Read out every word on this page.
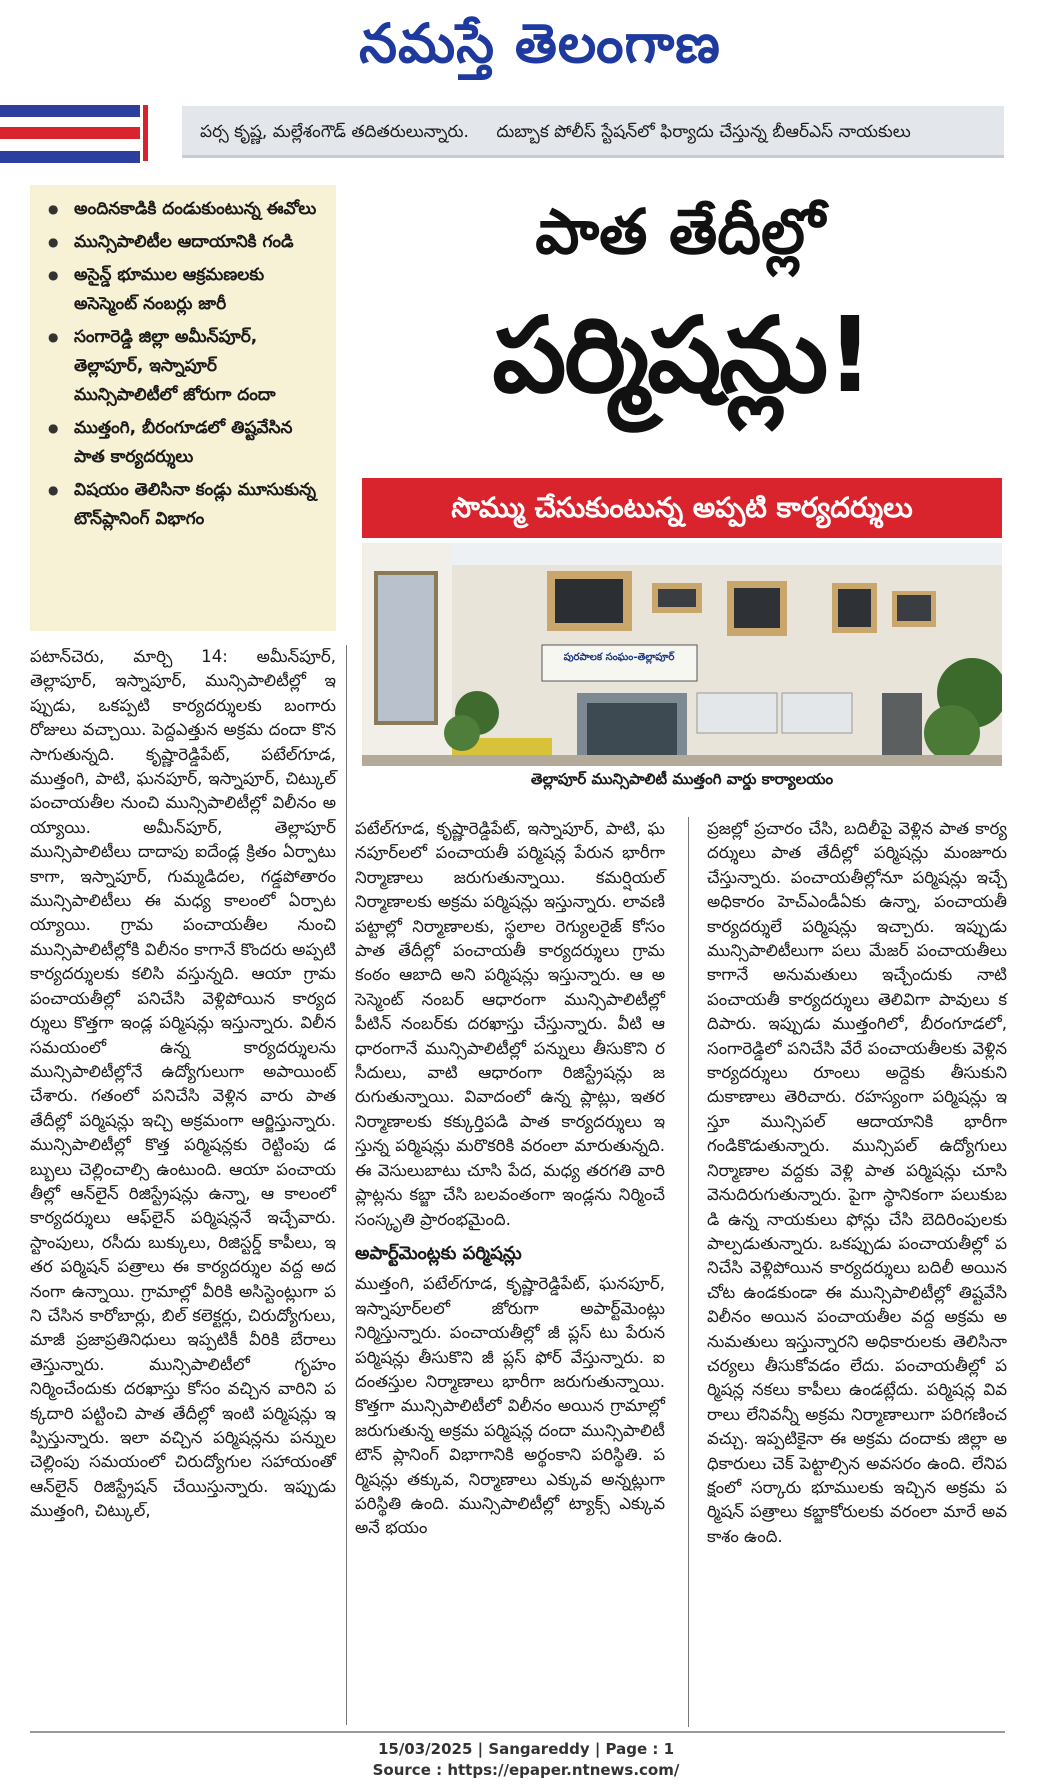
నమస్తే తెలంగాణ
పర్స కృష్ణ, మల్లేశంగౌడ్ తదితరులున్నారు. దుబ్బాక పోలీస్ స్టేషన్‌లో ఫిర్యాదు చేస్తున్న బీఆర్‌ఎస్ నాయకులు
● అందినకాడికి దండుకుంటున్న ఈవోలు
● మున్సిపాలిటీల ఆదాయానికి గండి
● అసైన్డ్ భూముల ఆక్రమణలకు అసెస్మెంట్ నంబర్లు జారీ
● సంగారెడ్డి జిల్లా అమీన్‌పూర్, తెల్లాపూర్, ఇస్నాపూర్ మున్సిపాలిటీలో జోరుగా దందా
● ముత్తంగి, బీరంగూడలో తిష్టవేసిన పాత కార్యదర్శులు
● విషయం తెలిసినా కండ్లు మూసుకున్న టౌన్‌ప్లానింగ్ విభాగం
పాత తేదీల్లో
పర్మిషన్లు!
సొమ్ము చేసుకుంటున్న అప్పటి కార్యదర్శులు
పురపాలక సంఘం-తెల్లాపూర్
తెల్లాపూర్ మున్సిపాలిటీ ముత్తంగి వార్డు కార్యాలయం

పటాన్‌చెరు, మార్చి 14: అమీన్‌పూర్, తెల్లాపూర్, ఇస్నాపూర్, మున్సిపాలిటీల్లో ఇప్పుడు, ఒకప్పటి కార్యదర్శులకు బంగారు రోజులు వచ్చాయి. పెద్దఎత్తున అక్రమ దందా కొనసాగుతున్నది. కృష్ణారెడ్డిపేట్, పటేల్‌గూడ, ముత్తంగి, పాటి, ఘనపూర్, ఇస్నాపూర్, చిట్కుల్ పంచాయతీల నుంచి మున్సిపాలిటీల్లో విలీనం అయ్యాయి. అమీన్‌పూర్, తెల్లాపూర్ మున్సిపాలిటీలు దాదాపు ఐదేండ్ల క్రితం ఏర్పాటు కాగా, ఇస్నాపూర్, గుమ్మడిదల, గడ్డపోతారం మున్సిపాలిటీలు ఈ మధ్య కాలంలో ఏర్పాటయ్యాయి. గ్రామ పంచాయతీల నుంచి మున్సిపాలిటీల్లోకి విలీనం కాగానే కొందరు అప్పటి కార్యదర్శులకు కలిసి వస్తున్నది. ఆయా గ్రామ పంచాయతీల్లో పనిచేసి వెళ్లిపోయిన కార్యదర్శులు కొత్తగా ఇండ్ల పర్మిషన్లు ఇస్తున్నారు. విలీన సమయంలో ఉన్న కార్యదర్శులను మున్సిపాలిటీల్లోనే ఉద్యోగులుగా అపాయింట్ చేశారు. గతంలో పనిచేసి వెళ్లిన వారు పాత తేదీల్లో పర్మిషన్లు ఇచ్చి అక్రమంగా ఆర్జిస్తున్నారు. మున్సిపాలిటీల్లో కొత్త పర్మిషన్లకు రెట్టింపు డబ్బులు చెల్లించాల్సి ఉంటుంది. ఆయా పంచాయతీల్లో ఆన్‌లైన్ రిజిస్ట్రేషన్లు ఉన్నా, ఆ కాలంలో కార్యదర్శులు ఆఫ్‌లైన్ పర్మిషన్లనే ఇచ్చేవారు. స్టాంపులు, రసీదు బుక్కులు, రిజిస్టర్డ్ కాపీలు, ఇతర పర్మిషన్ పత్రాలు ఈ కార్యదర్శుల వద్ద అదనంగా ఉన్నాయి. గ్రామాల్లో వీరికి అసిస్టెంట్లుగా పని చేసిన కారోబార్లు, బిల్ కలెక్టర్లు, చిరుద్యోగులు, మాజీ ప్రజాప్రతినిధులు ఇప్పటికీ వీరికి బేరాలు తెస్తున్నారు. మున్సిపాలిటీలో గృహం నిర్మించేందుకు దరఖాస్తు కోసం వచ్చిన వారిని పక్కదారి పట్టించి పాత తేదీల్లో ఇంటి పర్మిషన్లు ఇప్పిస్తున్నారు. ఇలా వచ్చిన పర్మిషన్లను పన్నుల చెల్లింపు సమయంలో చిరుద్యోగుల సహాయంతో ఆన్‌లైన్ రిజిస్ట్రేషన్ చేయిస్తున్నారు. ఇప్పుడు ముత్తంగి, చిట్కుల్,

పటేల్‌గూడ, కృష్ణారెడ్డిపేట్, ఇస్నాపూర్, పాటి, ఘనపూర్‌లలో పంచాయతీ పర్మిషన్ల పేరున భారీగా నిర్మాణాలు జరుగుతున్నాయి. కమర్షియల్ నిర్మాణాలకు అక్రమ పర్మిషన్లు ఇస్తున్నారు. లావణి పట్టాల్లో నిర్మాణాలకు, స్థలాల రెగ్యులరైజ్ కోసం పాత తేదీల్లో పంచాయతీ కార్యదర్శులు గ్రామ కంఠం ఆబాది అని పర్మిషన్లు ఇస్తున్నారు. ఆ అసెస్మెంట్ నంబర్ ఆధారంగా మున్సిపాలిటీల్లో పీటిన్ నంబర్‌కు దరఖాస్తు చేస్తున్నారు. వీటి ఆధారంగానే మున్సిపాలిటీల్లో పన్నులు తీసుకొని రసీదులు, వాటి ఆధారంగా రిజిస్ట్రేషన్లు జరుగుతున్నాయి. వివాదంలో ఉన్న ప్లాట్లు, ఇతర నిర్మాణాలకు కక్కుర్తిపడి పాత కార్యదర్శులు ఇస్తున్న పర్మిషన్లు మరొకరికి వరంలా మారుతున్నది. ఈ వెసులుబాటు చూసి పేద, మధ్య తరగతి వారి ప్లాట్లను కబ్జా చేసి బలవంతంగా ఇండ్లను నిర్మించే సంస్కృతి ప్రారంభమైంది.

అపార్ట్‌మెంట్లకు పర్మిషన్లు

ముత్తంగి, పటేల్‌గూడ, కృష్ణారెడ్డిపేట్, ఘనపూర్, ఇస్నాపూర్‌లలో జోరుగా అపార్ట్‌మెంట్లు నిర్మిస్తున్నారు. పంచాయతీల్లో జీ ప్లస్ టు పేరున పర్మిషన్లు తీసుకొని జీ ప్లస్ ఫోర్ వేస్తున్నారు. ఐదంతస్తుల నిర్మాణాలు భారీగా జరుగుతున్నాయి. కొత్తగా మున్సిపాలిటీలో విలీనం అయిన గ్రామాల్లో జరుగుతున్న అక్రమ పర్మిషన్ల దందా మున్సిపాలిటీ టౌన్ ప్లానింగ్ విభాగానికి అర్థంకాని పరిస్థితి. పర్మిషన్లు తక్కువ, నిర్మాణాలు ఎక్కువ అన్నట్లుగా పరిస్థితి ఉంది. మున్సిపాలిటీల్లో ట్యాక్స్ ఎక్కువ అనే భయం

ప్రజల్లో ప్రచారం చేసి, బదిలీపై వెళ్లిన పాత కార్యదర్శులు పాత తేదీల్లో పర్మిషన్లు మంజూరు చేస్తున్నారు. పంచాయతీల్లోనూ పర్మిషన్లు ఇచ్చే అధికారం హెచ్‌ఎండీఏకు ఉన్నా, పంచాయతీ కార్యదర్శులే పర్మిషన్లు ఇచ్చారు. ఇప్పుడు మున్సిపాలిటీలుగా పలు మేజర్ పంచాయతీలు కాగానే అనుమతులు ఇచ్చేందుకు నాటి పంచాయతీ కార్యదర్శులు తెలివిగా పావులు కదిపారు. ఇప్పుడు ముత్తంగిలో, బీరంగూడలో, సంగారెడ్డిలో పనిచేసి వేరే పంచాయతీలకు వెళ్లిన కార్యదర్శులు రూంలు అద్దెకు తీసుకుని దుకాణాలు తెరిచారు. రహస్యంగా పర్మిషన్లు ఇస్తూ మున్సిపల్ ఆదాయానికి భారీగా గండికొడుతున్నారు. మున్సిపల్ ఉద్యోగులు నిర్మాణాల వద్దకు వెళ్లి పాత పర్మిషన్లు చూసి వెనుదిరుగుతున్నారు. పైగా స్థానికంగా పలుకుబడి ఉన్న నాయకులు ఫోన్లు చేసి బెదిరింపులకు పాల్పడుతున్నారు. ఒకప్పుడు పంచాయతీల్లో పనిచేసి వెళ్లిపోయిన కార్యదర్శులు బదిలీ అయినచోట ఉండకుండా ఈ మున్సిపాలిటీల్లో తిష్టవేసి విలీనం అయిన పంచాయతీల వద్ద అక్రమ అనుమతులు ఇస్తున్నారని అధికారులకు తెలిసినా చర్యలు తీసుకోవడం లేదు. పంచాయతీల్లో పర్మిషన్ల నకలు కాపీలు ఉండట్లేదు. పర్మిషన్ల వివరాలు లేనివన్నీ అక్రమ నిర్మాణాలుగా పరిగణించవచ్చు. ఇప్పటికైనా ఈ అక్రమ దందాకు జిల్లా అధికారులు చెక్ పెట్టాల్సిన అవసరం ఉంది. లేనిపక్షంలో సర్కారు భూములకు ఇచ్చిన అక్రమ పర్మిషన్ పత్రాలు కబ్జాకోరులకు వరంలా మారే అవకాశం ఉంది.

15/03/2025 | Sangareddy | Page : 1
Source : https://epaper.ntnews.com/
